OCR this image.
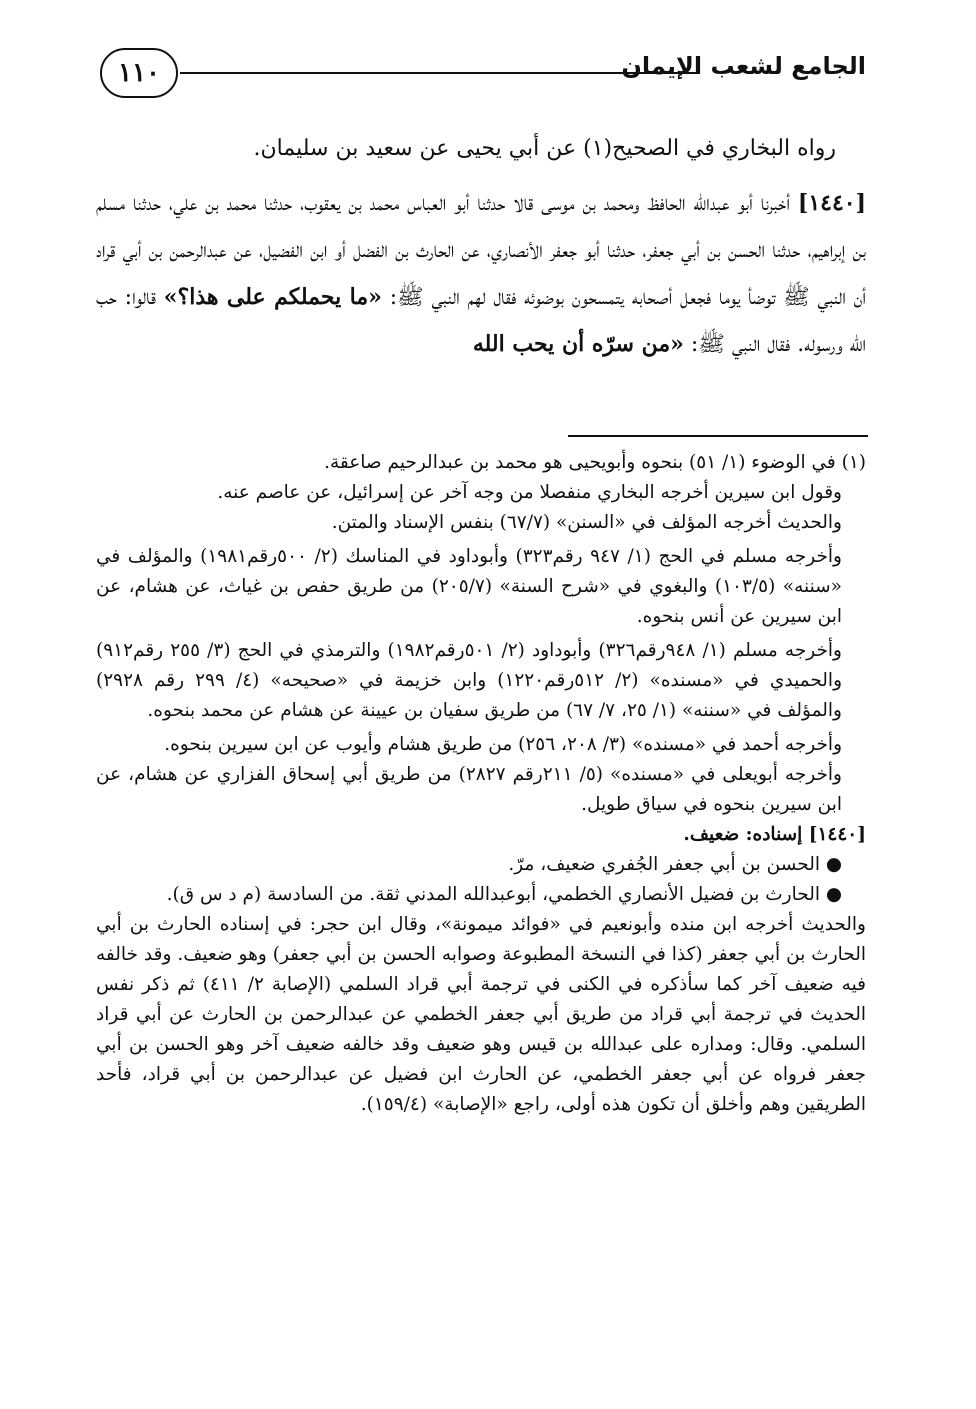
١١٠	الجامع لشعب الإيمان

رواه البخاري في الصحيح(١) عن أبي يحيى عن سعيد بن سليمان.

[١٤٤٠] أخبرنا أبو عبدالله الحافظ ومحمد بن موسى قالا حدثنا أبو العباس محمد بن يعقوب، حدثنا محمد بن علي، حدثنا مسلم بن إبراهيم، حدثنا الحسن بن أبي جعفر، حدثنا أبو جعفر الأنصاري، عن الحارث بن الفضل أو ابن الفضيل، عن عبدالرحمن بن أبي قراد أن النبي ﷺ توضأ يوما فجعل أصحابه يتمسحون بوضوئه فقال لهم النبي ﷺ: «ما يحملكم على هذا؟» قالوا: حب الله ورسوله. فقال النبي ﷺ: «من سرّه أن يحب الله

(١) في الوضوء (١/ ٥١) بنحوه وأبويحيى هو محمد بن عبدالرحيم صاعقة.

وقول ابن سيرين أخرجه البخاري منفصلا من وجه آخر عن إسرائيل، عن عاصم عنه.

والحديث أخرجه المؤلف في «السنن» (٦٧/٧) بنفس الإسناد والمتن.

وأخرجه مسلم في الحج (١/ ٩٤٧ رقم٣٢٣) وأبوداود في المناسك (٢/ ٥٠٠رقم١٩٨١) والمؤلف في «سننه» (١٠٣/٥) والبغوي في «شرح السنة» (٢٠٥/٧) من طريق حفص بن غياث، عن هشام، عن ابن سيرين عن أنس بنحوه.

وأخرجه مسلم (١/ ٩٤٨رقم٣٢٦) وأبوداود (٢/ ٥٠١رقم١٩٨٢) والترمذي في الحج (٣/ ٢٥٥ رقم٩١٢) والحميدي في «مسنده» (٢/ ٥١٢رقم١٢٢٠) وابن خزيمة في «صحيحه» (٤/ ٢٩٩ رقم ٢٩٢٨) والمؤلف في «سننه» (١/ ٢٥، ٧/ ٦٧) من طريق سفيان بن عيينة عن هشام عن محمد بنحوه.

وأخرجه أحمد في «مسنده» (٣/ ٢٠٨، ٢٥٦) من طريق هشام وأيوب عن ابن سيرين بنحوه.

وأخرجه أبويعلى في «مسنده» (٥/ ٢١١رقم ٢٨٢٧) من طريق أبي إسحاق الفزاري عن هشام، عن ابن سيرين بنحوه في سياق طويل.

[١٤٤٠] إسناده: ضعيف.

● الحسن بن أبي جعفر الجُفري ضعيف، مرّ.

● الحارث بن فضيل الأنصاري الخطمي، أبوعبدالله المدني ثقة. من السادسة (م د س ق).

والحديث أخرجه ابن منده وأبونعيم في «فوائد ميمونة»، وقال ابن حجر: في إسناده الحارث بن أبي الحارث بن أبي جعفر (كذا في النسخة المطبوعة وصوابه الحسن بن أبي جعفر) وهو ضعيف. وقد خالفه فيه ضعيف آخر كما سأذكره في الكنى في ترجمة أبي قراد السلمي (الإصابة ٢/ ٤١١) ثم ذكر نفس الحديث في ترجمة أبي قراد من طريق أبي جعفر الخطمي عن عبدالرحمن بن الحارث عن أبي قراد السلمي. وقال: ومداره على عبدالله بن قيس وهو ضعيف وقد خالفه ضعيف آخر وهو الحسن بن أبي جعفر فرواه عن أبي جعفر الخطمي، عن الحارث ابن فضيل عن عبدالرحمن بن أبي قراد، فأحد الطريقين وهم وأخلق أن تكون هذه أولى، راجع «الإصابة» (١٥٩/٤).
